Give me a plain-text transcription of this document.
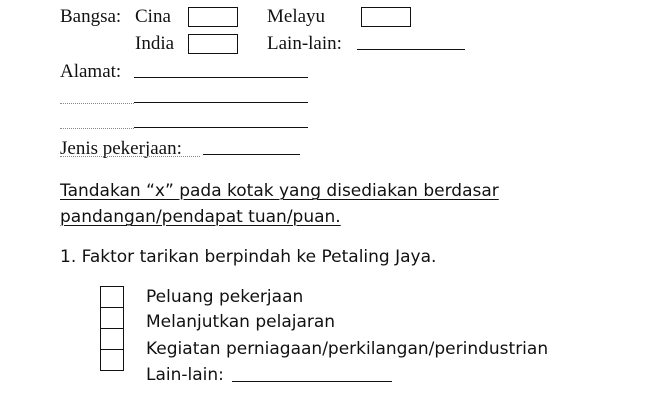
Bangsa: Cina	Melayu
India	Lain-lain:
Alamat:
Jenis pekerjaan:
Tandakan “x” pada kotak yang disediakan berdasar
pandangan/pendapat tuan/puan.
1. Faktor tarikan berpindah ke Petaling Jaya.
Peluang pekerjaan
Melanjutkan pelajaran
Kegiatan perniagaan/perkilangan/perindustrian
Lain-lain:
